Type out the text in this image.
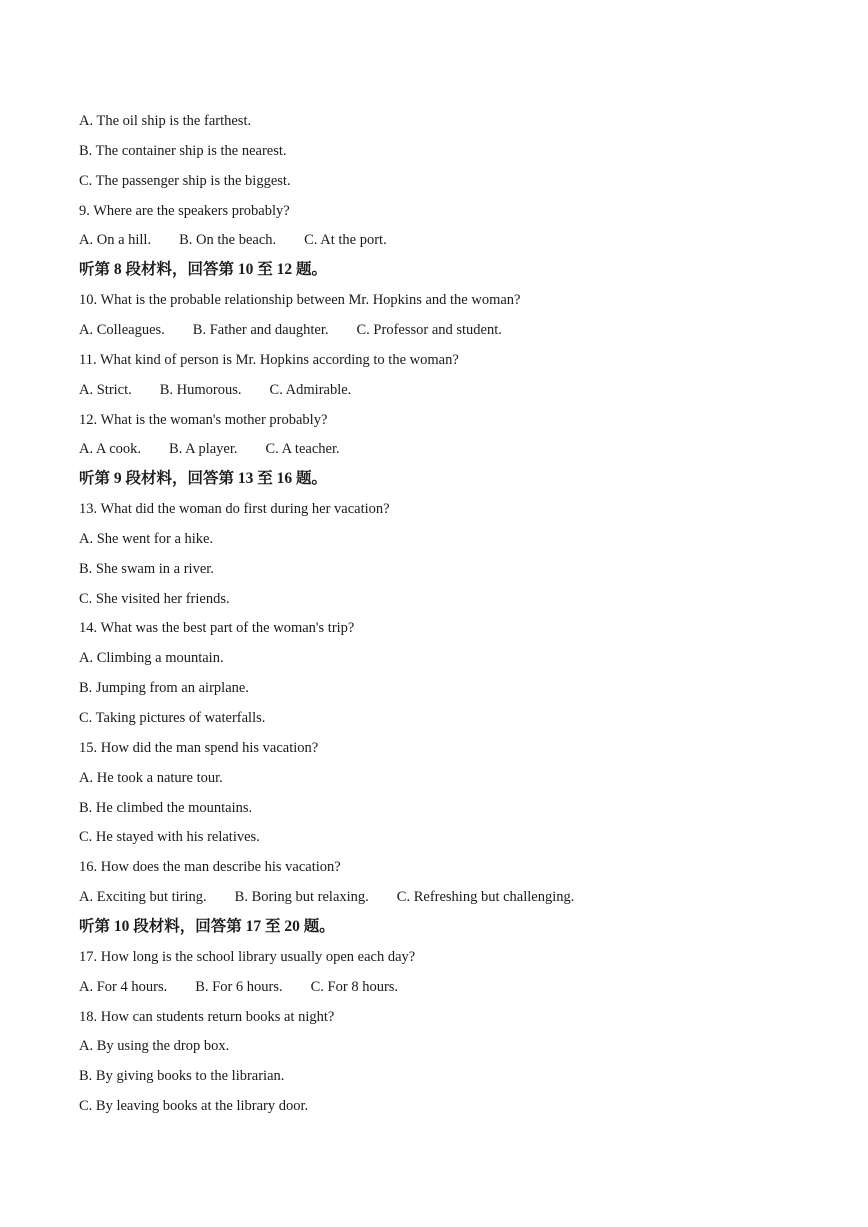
A. The oil ship is the farthest.
B. The container ship is the nearest.
C. The passenger ship is the biggest.
9. Where are the speakers probably?
A. On a hill. B. On the beach. C. At the port.
听第 8 段材料，回答第 10 至 12 题。
10. What is the probable relationship between Mr. Hopkins and the woman?
A. Colleagues. B. Father and daughter. C. Professor and student.
11. What kind of person is Mr. Hopkins according to the woman?
A. Strict. B. Humorous. C. Admirable.
12. What is the woman's mother probably?
A. A cook. B. A player. C. A teacher.
听第 9 段材料，回答第 13 至 16 题。
13. What did the woman do first during her vacation?
A. She went for a hike.
B. She swam in a river.
C. She visited her friends.
14. What was the best part of the woman's trip?
A. Climbing a mountain.
B. Jumping from an airplane.
C. Taking pictures of waterfalls.
15. How did the man spend his vacation?
A. He took a nature tour.
B. He climbed the mountains.
C. He stayed with his relatives.
16. How does the man describe his vacation?
A. Exciting but tiring. B. Boring but relaxing. C. Refreshing but challenging.
听第 10 段材料，回答第 17 至 20 题。
17. How long is the school library usually open each day?
A. For 4 hours. B. For 6 hours. C. For 8 hours.
18. How can students return books at night?
A. By using the drop box.
B. By giving books to the librarian.
C. By leaving books at the library door.
